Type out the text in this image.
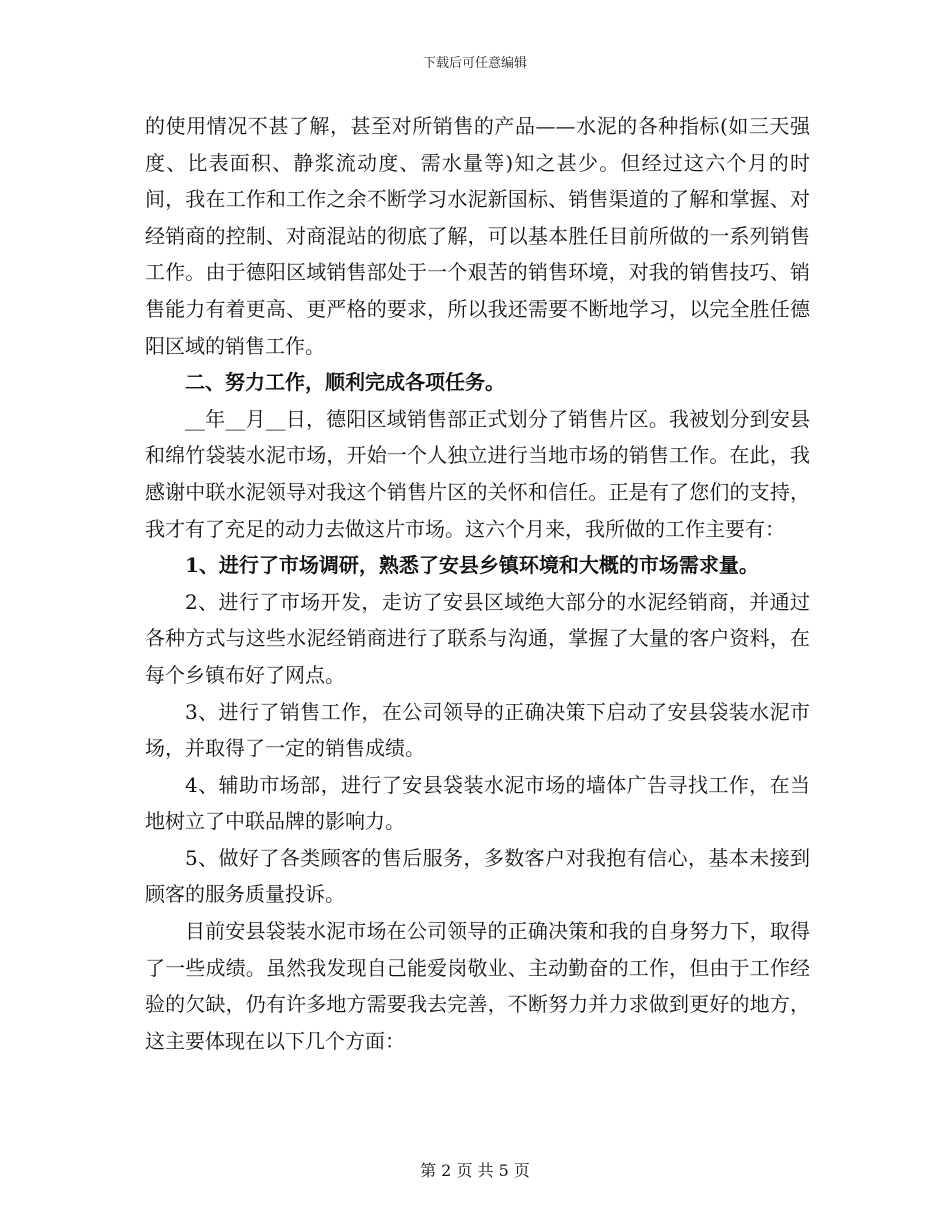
下载后可任意编辑

的使用情况不甚了解，甚至对所销售的产品——水泥的各种指标(如三天强度、比表面积、静浆流动度、需水量等)知之甚少。但经过这六个月的时间，我在工作和工作之余不断学习水泥新国标、销售渠道的了解和掌握、对经销商的控制、对商混站的彻底了解，可以基本胜任目前所做的一系列销售工作。由于德阳区域销售部处于一个艰苦的销售环境，对我的销售技巧、销售能力有着更高、更严格的要求，所以我还需要不断地学习，以完全胜任德阳区域的销售工作。

二、努力工作，顺利完成各项任务。

__年__月__日，德阳区域销售部正式划分了销售片区。我被划分到安县和绵竹袋装水泥市场，开始一个人独立进行当地市场的销售工作。在此，我感谢中联水泥领导对我这个销售片区的关怀和信任。正是有了您们的支持，我才有了充足的动力去做这片市场。这六个月来，我所做的工作主要有：

1、进行了市场调研，熟悉了安县乡镇环境和大概的市场需求量。

2、进行了市场开发，走访了安县区域绝大部分的水泥经销商，并通过各种方式与这些水泥经销商进行了联系与沟通，掌握了大量的客户资料，在每个乡镇布好了网点。

3、进行了销售工作，在公司领导的正确决策下启动了安县袋装水泥市场，并取得了一定的销售成绩。

4、辅助市场部，进行了安县袋装水泥市场的墙体广告寻找工作，在当地树立了中联品牌的影响力。

5、做好了各类顾客的售后服务，多数客户对我抱有信心，基本未接到顾客的服务质量投诉。

目前安县袋装水泥市场在公司领导的正确决策和我的自身努力下，取得了一些成绩。虽然我发现自己能爱岗敬业、主动勤奋的工作，但由于工作经验的欠缺，仍有许多地方需要我去完善，不断努力并力求做到更好的地方，这主要体现在以下几个方面：

第 2 页 共 5 页
